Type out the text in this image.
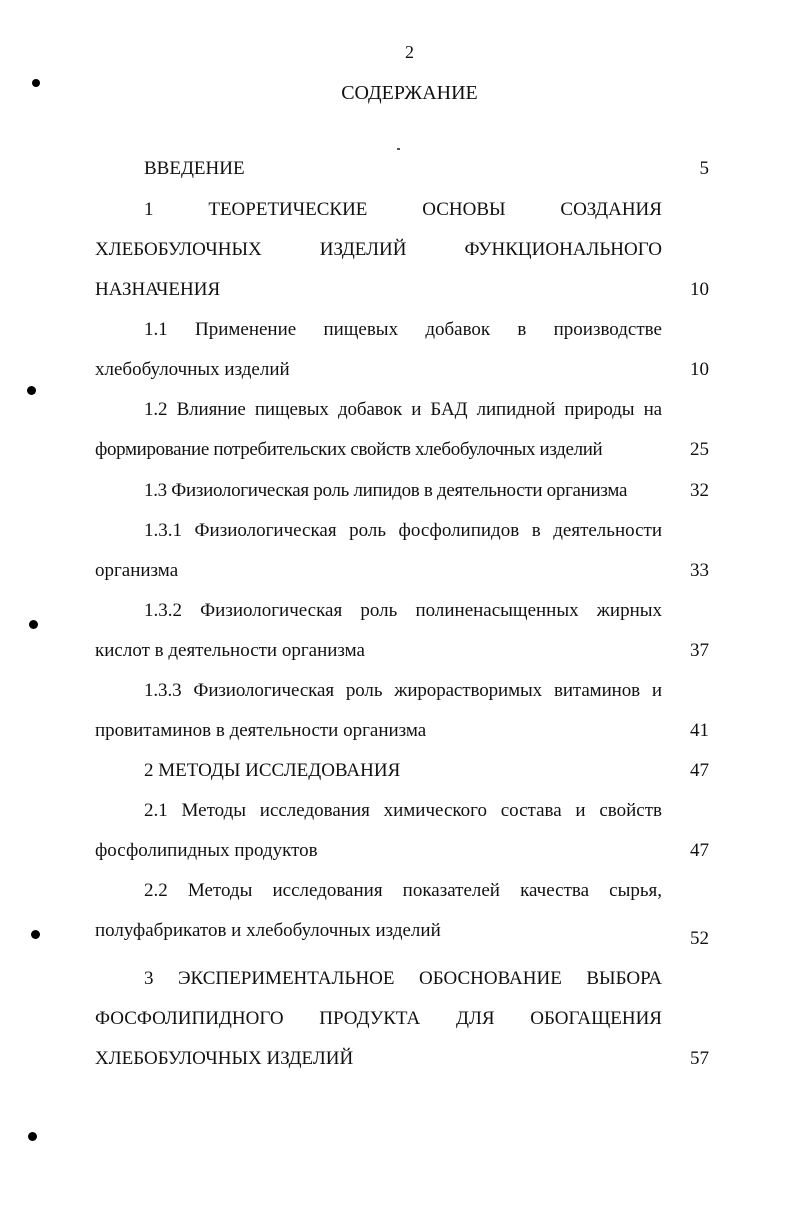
2
СОДЕРЖАНИЕ
ВВЕДЕНИЕ	5
1	ТЕОРЕТИЧЕСКИЕ	ОСНОВЫ	СОЗДАНИЯ
ХЛЕБОБУЛОЧНЫХ	ИЗДЕЛИЙ	ФУНКЦИОНАЛЬНОГО
НАЗНАЧЕНИЯ	10
1.1 Применение пищевых добавок в производстве
хлебобулочных изделий	10
1.2 Влияние пищевых добавок и БАД липидной природы на
формирование потребительских свойств хлебобулочных изделий	25
1.3 Физиологическая роль липидов в деятельности организма	32
1.3.1 Физиологическая роль фосфолипидов в деятельности
организма	33
1.3.2 Физиологическая роль полиненасыщенных жирных
кислот в деятельности организма	37
1.3.3 Физиологическая роль жирорастворимых витаминов и
провитаминов в деятельности организма	41
2 МЕТОДЫ ИССЛЕДОВАНИЯ	47
2.1 Методы исследования химического состава и свойств
фосфолипидных продуктов	47
2.2 Методы исследования показателей качества сырья,
полуфабрикатов и хлебобулочных изделий	52
3 ЭКСПЕРИМЕНТАЛЬНОЕ ОБОСНОВАНИЕ ВЫБОРА
ФОСФОЛИПИДНОГО ПРОДУКТА ДЛЯ ОБОГАЩЕНИЯ
ХЛЕБОБУЛОЧНЫХ ИЗДЕЛИЙ	57
